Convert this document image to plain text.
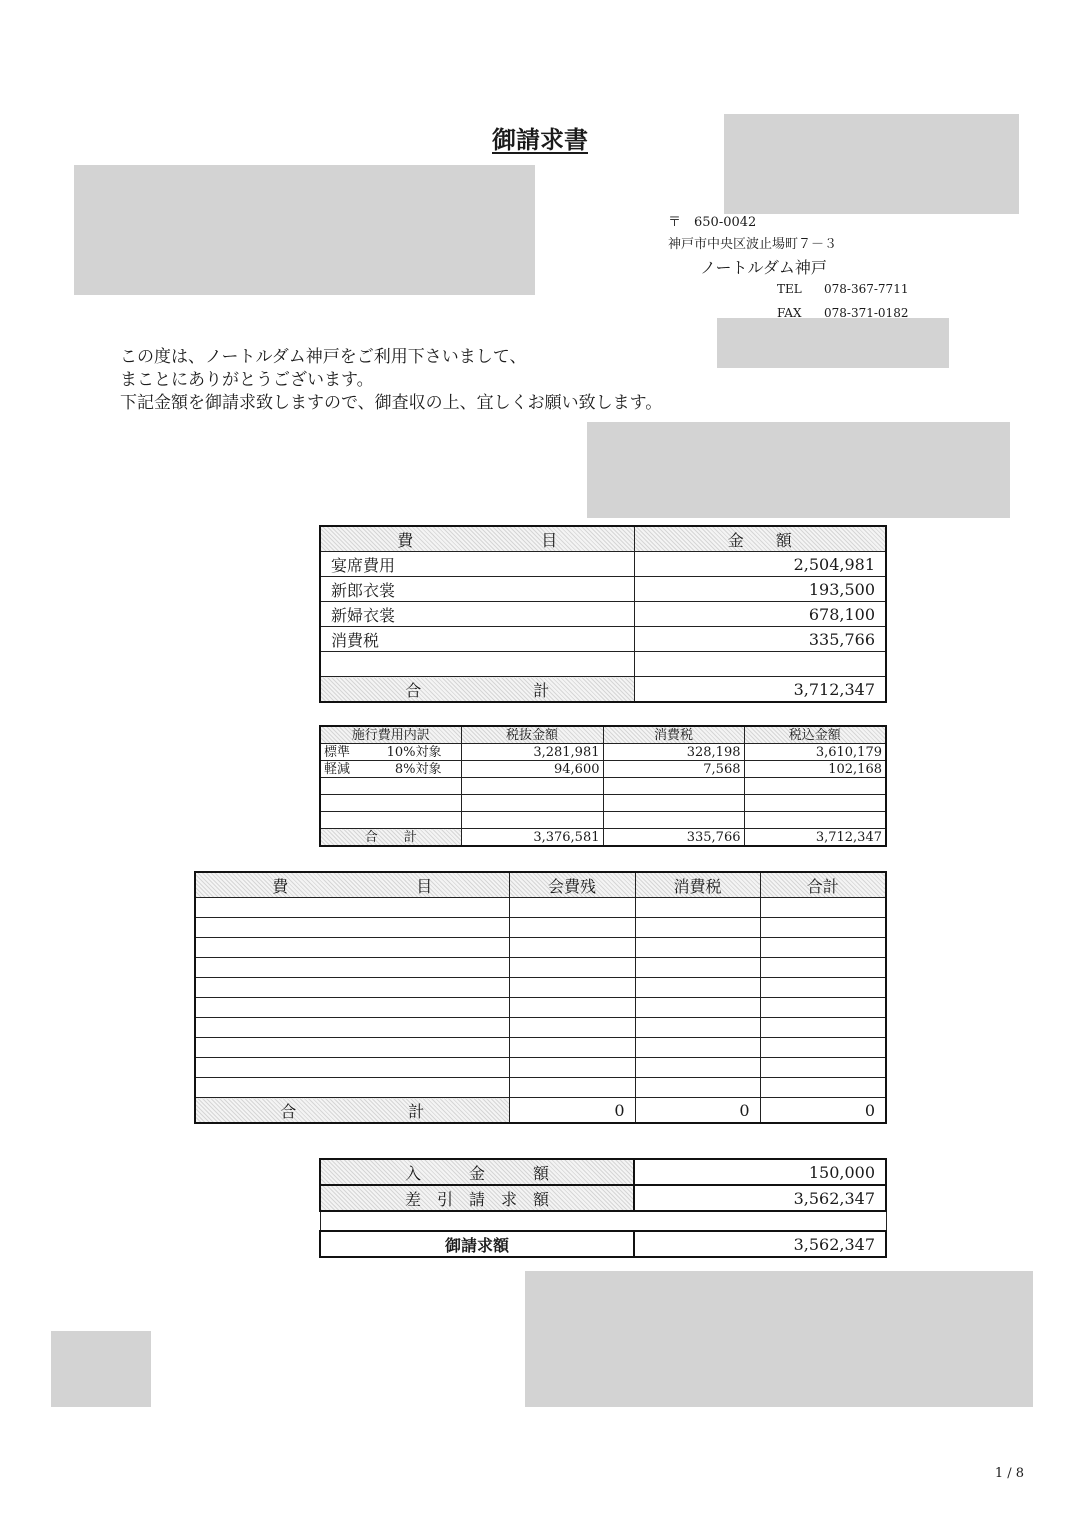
御請求書
〒　650-0042
神戸市中央区波止場町７－３
ノートルダム神戸
TEL 078-367-7711
FAX 078-371-0182
この度は、ノートルダム神戸をご利用下さいまして、
まことにありがとうございます。
下記金額を御請求致しますので、御査収の上、宜しくお願い致します。
費　　　　　　　　目	金　　額
宴席費用	2,504,981
新郎衣裳	193,500
新婦衣裳	678,100
消費税	335,766

合　　　　　　　計	3,712,347
施行費用内訳	税抜金額	消費税	税込金額
標準 10%対象	3,281,981	328,198	3,610,179
軽減 8%対象	94,600	7,568	102,168

合　　計	3,376,581	335,766	3,712,347
費　　　　　　　　目	会費残	消費税	合計

合　　　　　　　計	0	0	0
入　　　金　　　額	150,000
差　引　請　求　額	3,562,347

御請求額	3,562,347
1 / 8
